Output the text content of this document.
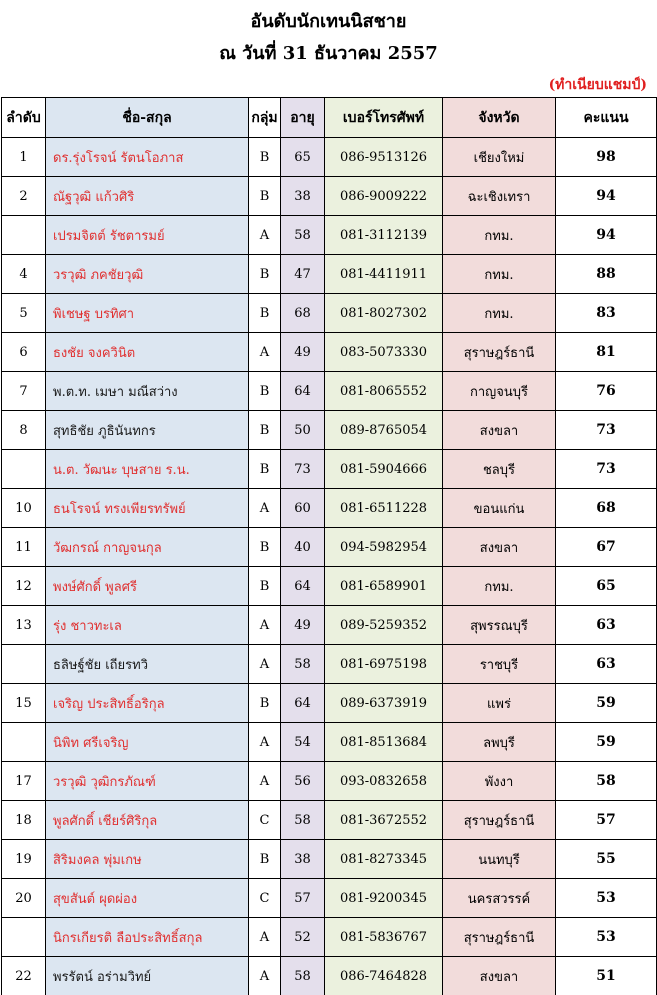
อันดับนักเทนนิสชาย
ณ วันที่ 31 ธันวาคม 2557
(ทำเนียบแชมป์)
ลำดับ	ชื่อ-สกุล	กลุ่ม	อายุ	เบอร์โทรศัพท์	จังหวัด	คะแนน
1	ดร.รุ่งโรจน์ รัตนโอภาส	B	65	086-9513126	เชียงใหม่	98
2	ณัฐวุฒิ แก้วศิริ	B	38	086-9009222	ฉะเชิงเทรา	94
	เปรมจิตต์ รัชตารมย์	A	58	081-3112139	กทม.	94
4	วรวุฒิ ภคชัยวุฒิ	B	47	081-4411911	กทม.	88
5	พิเชษฐ บรทิศา	B	68	081-8027302	กทม.	83
6	ธงชัย จงควินิต	A	49	083-5073330	สุราษฎร์ธานี	81
7	พ.ต.ท. เมษา มณีสว่าง	B	64	081-8065552	กาญจนบุรี	76
8	สุทธิชัย ภูธินันทกร	B	50	089-8765054	สงขลา	73
	น.ต. วัฒนะ บุษสาย ร.น.	B	73	081-5904666	ชลบุรี	73
10	ธนโรจน์ ทรงเพียรทรัพย์	A	60	081-6511228	ขอนแก่น	68
11	วัฒกรณ์ กาญจนกุล	B	40	094-5982954	สงขลา	67
12	พงษ์ศักดิ์ พูลศรี	B	64	081-6589901	กทม.	65
13	รุ่ง ชาวทะเล	A	49	089-5259352	สุพรรณบุรี	63
	ธลิษฐ์ชัย เถียรทวิ	A	58	081-6975198	ราชบุรี	63
15	เจริญ ประสิทธิ์อริกุล	B	64	089-6373919	แพร่	59
	นิพิท ศรีเจริญ	A	54	081-8513684	ลพบุรี	59
17	วรวุฒิ วุฒิกรภัณฑ์	A	56	093-0832658	พังงา	58
18	พูลศักดิ์ เชียร์ศิริกุล	C	58	081-3672552	สุราษฎร์ธานี	57
19	สิริมงคล พุ่มเกษ	B	38	081-8273345	นนทบุรี	55
20	สุขสันต์ ผุดผ่อง	C	57	081-9200345	นครสวรรค์	53
	นิกรเกียรติ ลือประสิทธิ์สกุล	A	52	081-5836767	สุราษฎร์ธานี	53
22	พรรัตน์ อร่ามวิทย์	A	58	086-7464828	สงขลา	51
